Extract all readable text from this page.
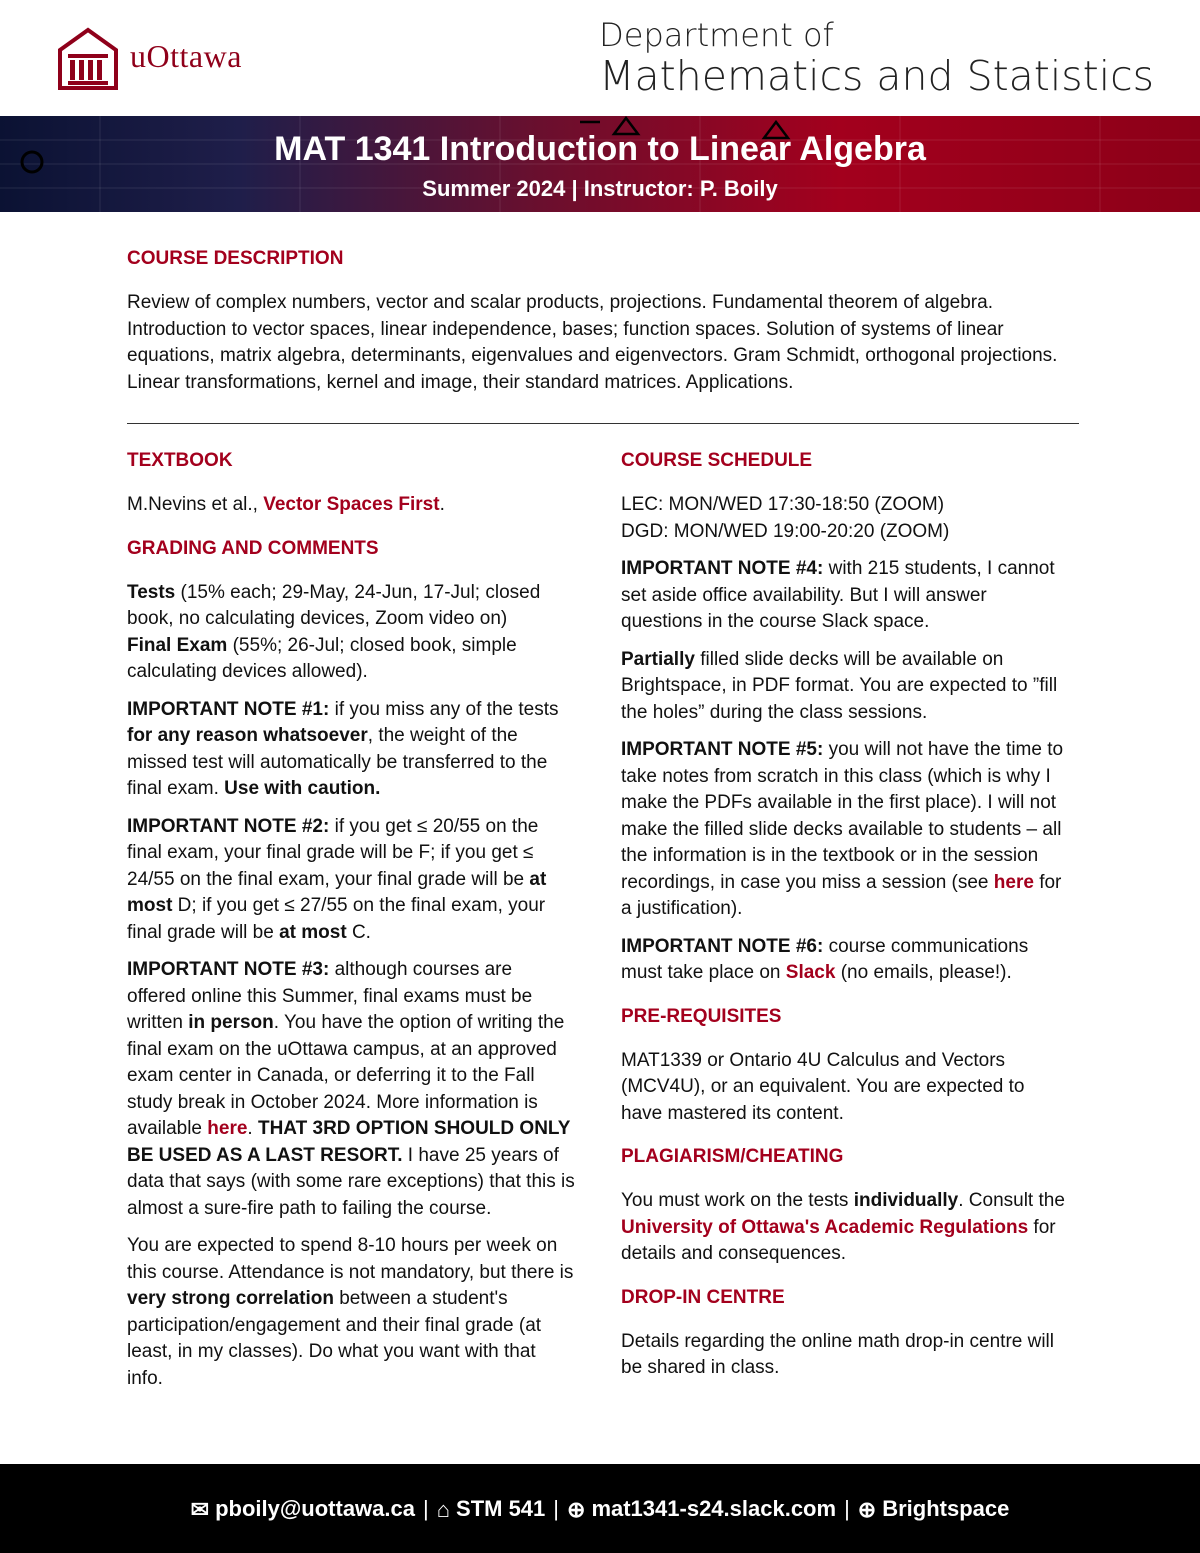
uOttawa
Department of
Mathematics and Statistics
MAT 1341 Introduction to Linear Algebra
Summer 2024 | Instructor: P. Boily
COURSE DESCRIPTION
Review of complex numbers, vector and scalar products, projections. Fundamental theorem of algebra. Introduction to vector spaces, linear independence, bases; function spaces. Solution of systems of linear equations, matrix algebra, determinants, eigenvalues and eigenvectors. Gram Schmidt, orthogonal projections. Linear transformations, kernel and image, their standard matrices. Applications.
TEXTBOOK
M.Nevins et al., Vector Spaces First.
GRADING AND COMMENTS
Tests (15% each; 29-May, 24-Jun, 17-Jul; closed book, no calculating devices, Zoom video on)
Final Exam (55%; 26-Jul; closed book, simple calculating devices allowed).
IMPORTANT NOTE #1: if you miss any of the tests for any reason whatsoever, the weight of the missed test will automatically be transferred to the final exam. Use with caution.
IMPORTANT NOTE #2: if you get ≤ 20/55 on the final exam, your final grade will be F; if you get ≤ 24/55 on the final exam, your final grade will be at most D; if you get ≤ 27/55 on the final exam, your final grade will be at most C.
IMPORTANT NOTE #3: although courses are offered online this Summer, final exams must be written in person. You have the option of writing the final exam on the uOttawa campus, at an approved exam center in Canada, or deferring it to the Fall study break in October 2024. More information is available here. THAT 3RD OPTION SHOULD ONLY BE USED AS A LAST RESORT. I have 25 years of data that says (with some rare exceptions) that this is almost a sure-fire path to failing the course.
You are expected to spend 8-10 hours per week on this course. Attendance is not mandatory, but there is very strong correlation between a student's participation/engagement and their final grade (at least, in my classes). Do what you want with that info.
COURSE SCHEDULE
LEC: MON/WED 17:30-18:50 (ZOOM)
DGD: MON/WED 19:00-20:20 (ZOOM)
IMPORTANT NOTE #4: with 215 students, I cannot set aside office availability. But I will answer questions in the course Slack space.
Partially filled slide decks will be available on Brightspace, in PDF format. You are expected to ”fill the holes” during the class sessions.
IMPORTANT NOTE #5: you will not have the time to take notes from scratch in this class (which is why I make the PDFs available in the first place). I will not make the filled slide decks available to students – all the information is in the textbook or in the session recordings, in case you miss a session (see here for a justification).
IMPORTANT NOTE #6: course communications must take place on Slack (no emails, please!).
PRE-REQUISITES
MAT1339 or Ontario 4U Calculus and Vectors (MCV4U), or an equivalent. You are expected to have mastered its content.
PLAGIARISM/CHEATING
You must work on the tests individually. Consult the University of Ottawa's Academic Regulations for details and consequences.
DROP-IN CENTRE
Details regarding the online math drop-in centre will be shared in class.
✉ pboily@uottawa.ca | ⌂ STM 541 | ⊕ mat1341-s24.slack.com | ⊕ Brightspace
